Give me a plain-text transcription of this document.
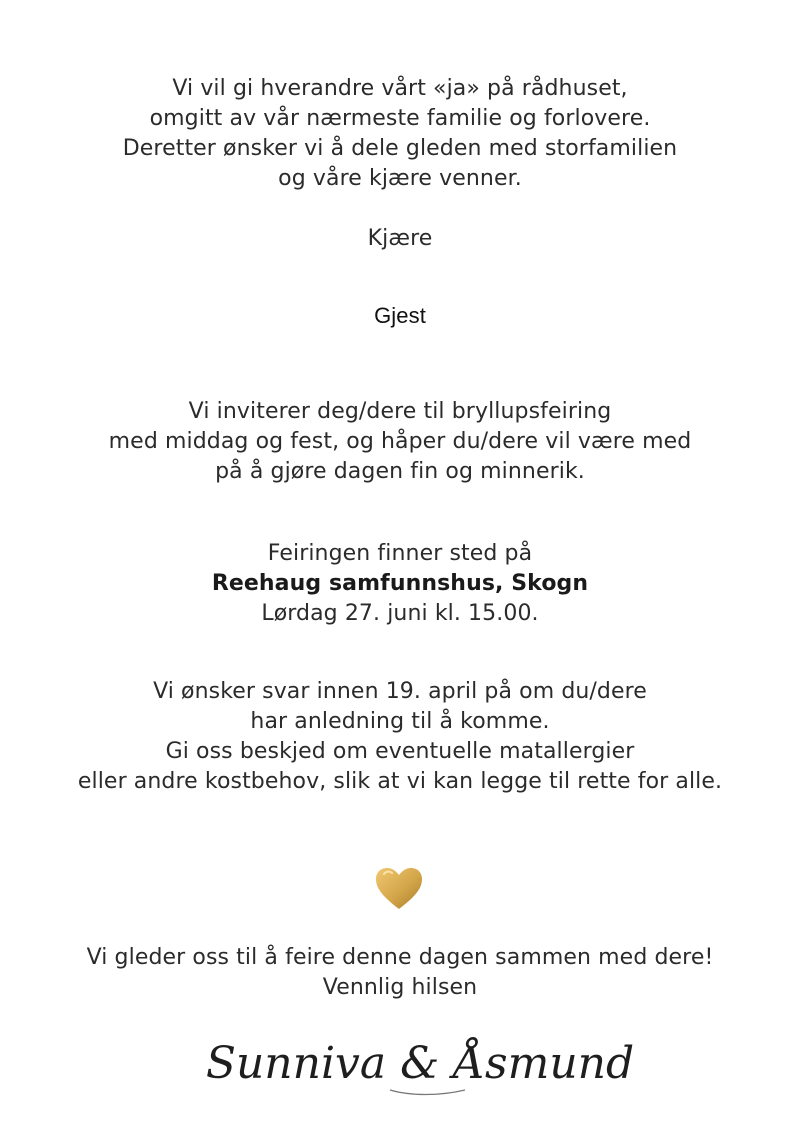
Vi vil gi hverandre vårt «ja» på rådhuset,
omgitt av vår nærmeste familie og forlovere.
Deretter ønsker vi å dele gleden med storfamilien
og våre kjære venner.
Kjære
Gjest
Vi inviterer deg/dere til bryllupsfeiring
med middag og fest, og håper du/dere vil være med
på å gjøre dagen fin og minnerik.
Feiringen finner sted på
Reehaug samfunnshus, Skogn
Lørdag 27. juni kl. 15.00.
Vi ønsker svar innen 19. april på om du/dere
har anledning til å komme.
Gi oss beskjed om eventuelle matallergier
eller andre kostbehov, slik at vi kan legge til rette for alle.
Vi gleder oss til å feire denne dagen sammen med dere!
Vennlig hilsen
Sunniva & Åsmund
